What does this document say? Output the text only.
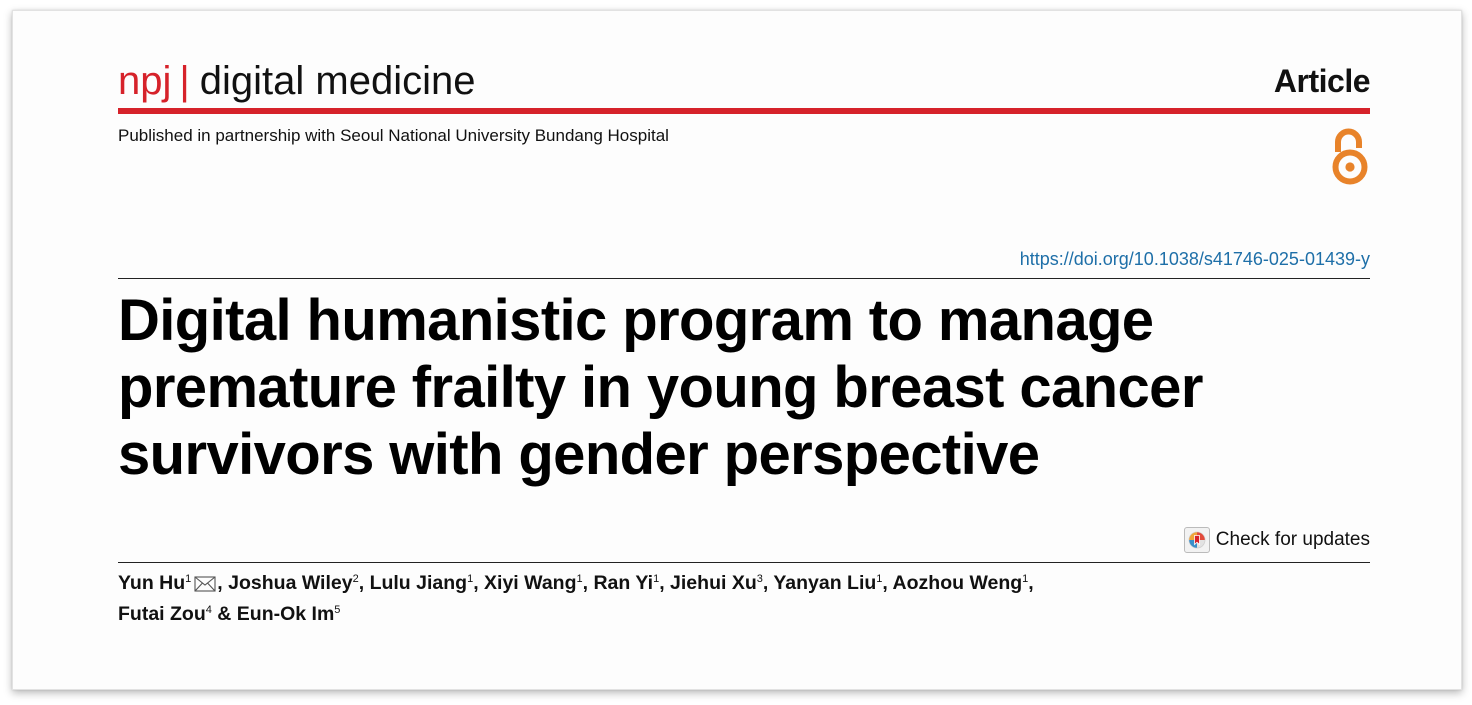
npj | digital medicine	Article
Published in partnership with Seoul National University Bundang Hospital
https://doi.org/10.1038/s41746-025-01439-y
Digital humanistic program to manage
premature frailty in young breast cancer
survivors with gender perspective
Check for updates
Yun Hu$^1$ , Joshua Wiley$^2$, Lulu Jiang$^1$, Xiyi Wang$^1$, Ran Yi$^1$, Jiehui Xu$^3$, Yanyan Liu$^1$, Aozhou Weng$^1$,
Futai Zou$^4$ & Eun-Ok Im$^5$
